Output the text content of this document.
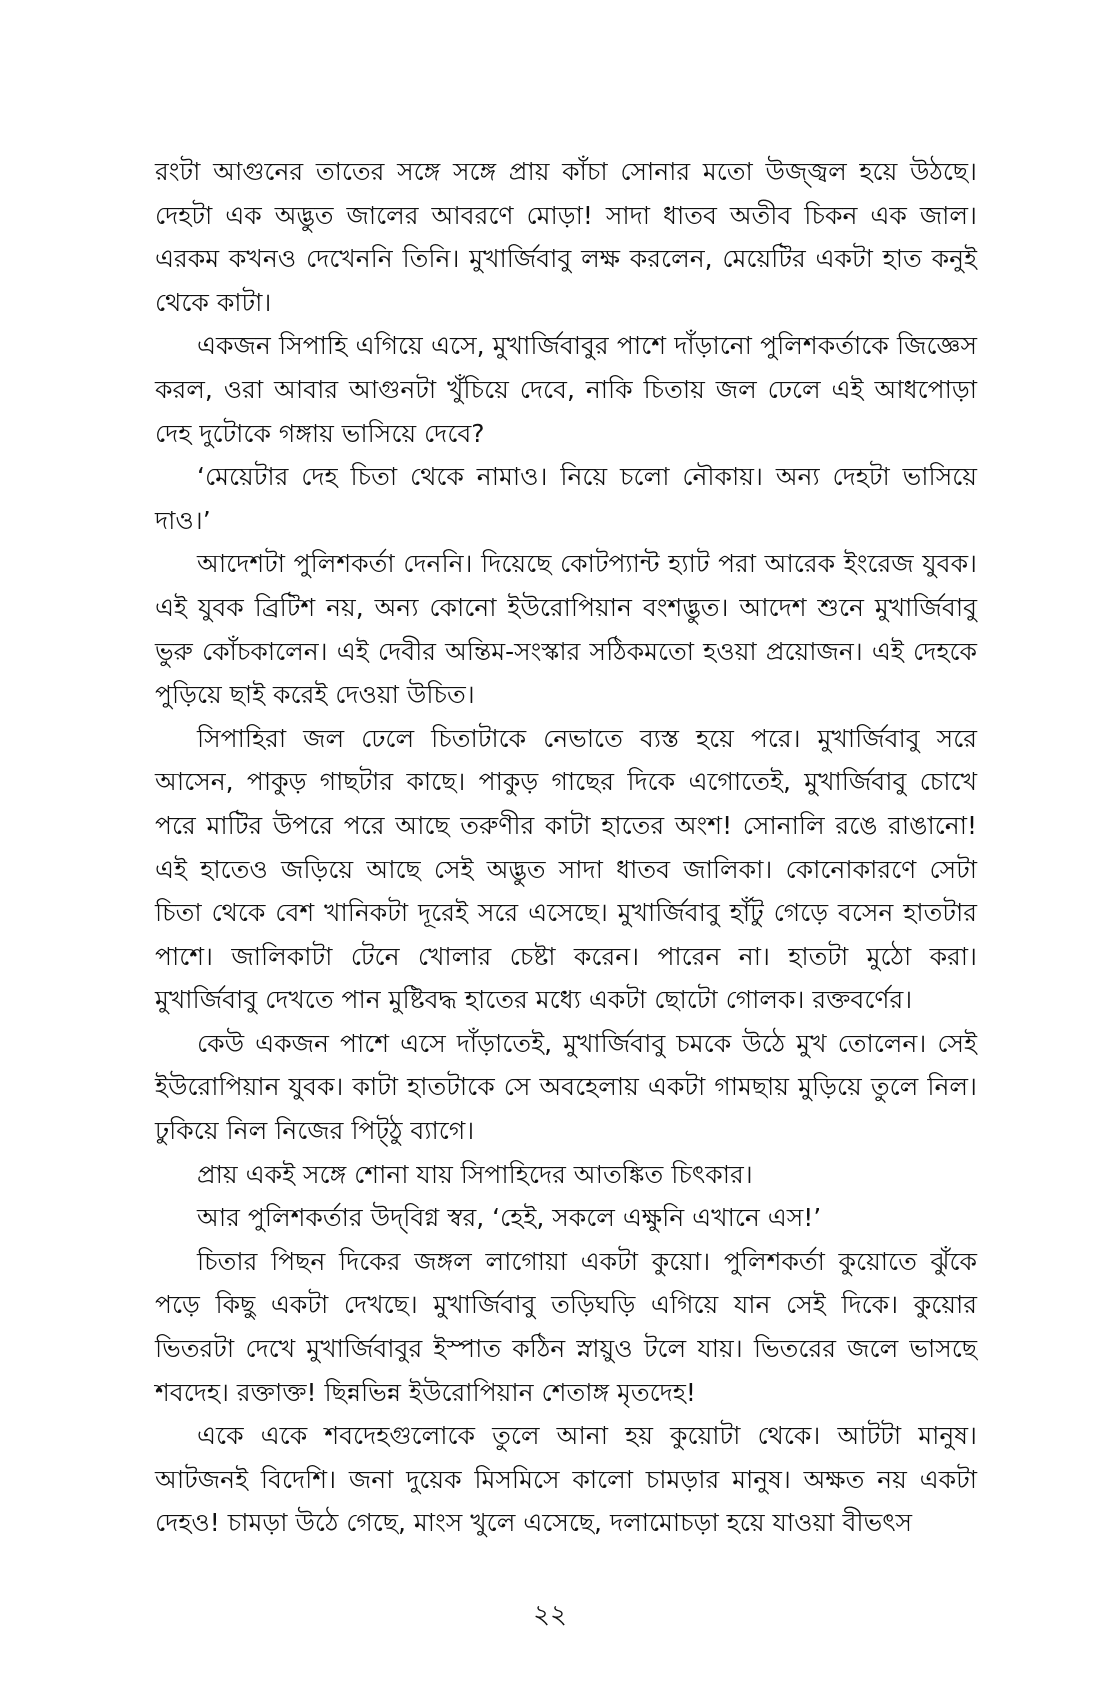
রংটা আগুনের তাতের সঙ্গে সঙ্গে প্রায় কাঁচা সোনার মতো উজ্জ্বল হয়ে উঠছে। দেহটা এক অদ্ভুত জালের আবরণে মোড়া! সাদা ধাতব অতীব চিকন এক জাল। এরকম কখনও দেখেননি তিনি। মুখার্জিবাবু লক্ষ করলেন, মেয়েটির একটা হাত কনুই থেকে কাটা।

একজন সিপাহি এগিয়ে এসে, মুখার্জিবাবুর পাশে দাঁড়ানো পুলিশকর্তাকে জিজ্ঞেস করল, ওরা আবার আগুনটা খুঁচিয়ে দেবে, নাকি চিতায় জল ঢেলে এই আধপোড়া দেহ দুটোকে গঙ্গায় ভাসিয়ে দেবে?

‘মেয়েটার দেহ চিতা থেকে নামাও। নিয়ে চলো নৌকায়। অন্য দেহটা ভাসিয়ে দাও।’

আদেশটা পুলিশকর্তা দেননি। দিয়েছে কোটপ্যান্ট হ্যাট পরা আরেক ইংরেজ যুবক। এই যুবক ব্রিটিশ নয়, অন্য কোনো ইউরোপিয়ান বংশদ্ভুত। আদেশ শুনে মুখার্জিবাবু ভুরু কোঁচকালেন। এই দেবীর অন্তিম-সংস্কার সঠিকমতো হওয়া প্রয়োজন। এই দেহকে পুড়িয়ে ছাই করেই দেওয়া উচিত।

সিপাহিরা জল ঢেলে চিতাটাকে নেভাতে ব্যস্ত হয়ে পরে। মুখার্জিবাবু সরে আসেন, পাকুড় গাছটার কাছে। পাকুড় গাছের দিকে এগোতেই, মুখার্জিবাবু চোখে পরে মাটির উপরে পরে আছে তরুণীর কাটা হাতের অংশ! সোনালি রঙে রাঙানো! এই হাতেও জড়িয়ে আছে সেই অদ্ভুত সাদা ধাতব জালিকা। কোনোকারণে সেটা চিতা থেকে বেশ খানিকটা দূরেই সরে এসেছে। মুখার্জিবাবু হাঁটু গেড়ে বসেন হাতটার পাশে। জালিকাটা টেনে খোলার চেষ্টা করেন। পারেন না। হাতটা মুঠো করা। মুখার্জিবাবু দেখতে পান মুষ্টিবদ্ধ হাতের মধ্যে একটা ছোটো গোলক। রক্তবর্ণের।

কেউ একজন পাশে এসে দাঁড়াতেই, মুখার্জিবাবু চমকে উঠে মুখ তোলেন। সেই ইউরোপিয়ান যুবক। কাটা হাতটাকে সে অবহেলায় একটা গামছায় মুড়িয়ে তুলে নিল। ঢুকিয়ে নিল নিজের পিট্‌ঠু ব্যাগে।

প্রায় একই সঙ্গে শোনা যায় সিপাহিদের আতঙ্কিত চিৎকার।

আর পুলিশকর্তার উদ্‌বিগ্ন স্বর, ‘হেই, সকলে এক্ষুনি এখানে এস!’

চিতার পিছন দিকের জঙ্গল লাগোয়া একটা কুয়ো। পুলিশকর্তা কুয়োতে ঝুঁকে পড়ে কিছু একটা দেখছে। মুখার্জিবাবু তড়িঘড়ি এগিয়ে যান সেই দিকে। কুয়োর ভিতরটা দেখে মুখার্জিবাবুর ইস্পাত কঠিন স্নায়ুও টলে যায়। ভিতরের জলে ভাসছে শবদেহ। রক্তাক্ত! ছিন্নভিন্ন ইউরোপিয়ান শেতাঙ্গ মৃতদেহ!

একে একে শবদেহগুলোকে তুলে আনা হয় কুয়োটা থেকে। আটটা মানুষ। আটজনই বিদেশি। জনা দুয়েক মিসমিসে কালো চামড়ার মানুষ। অক্ষত নয় একটা দেহও! চামড়া উঠে গেছে, মাংস খুলে এসেছে, দলামোচড়া হয়ে যাওয়া বীভৎস

২২
